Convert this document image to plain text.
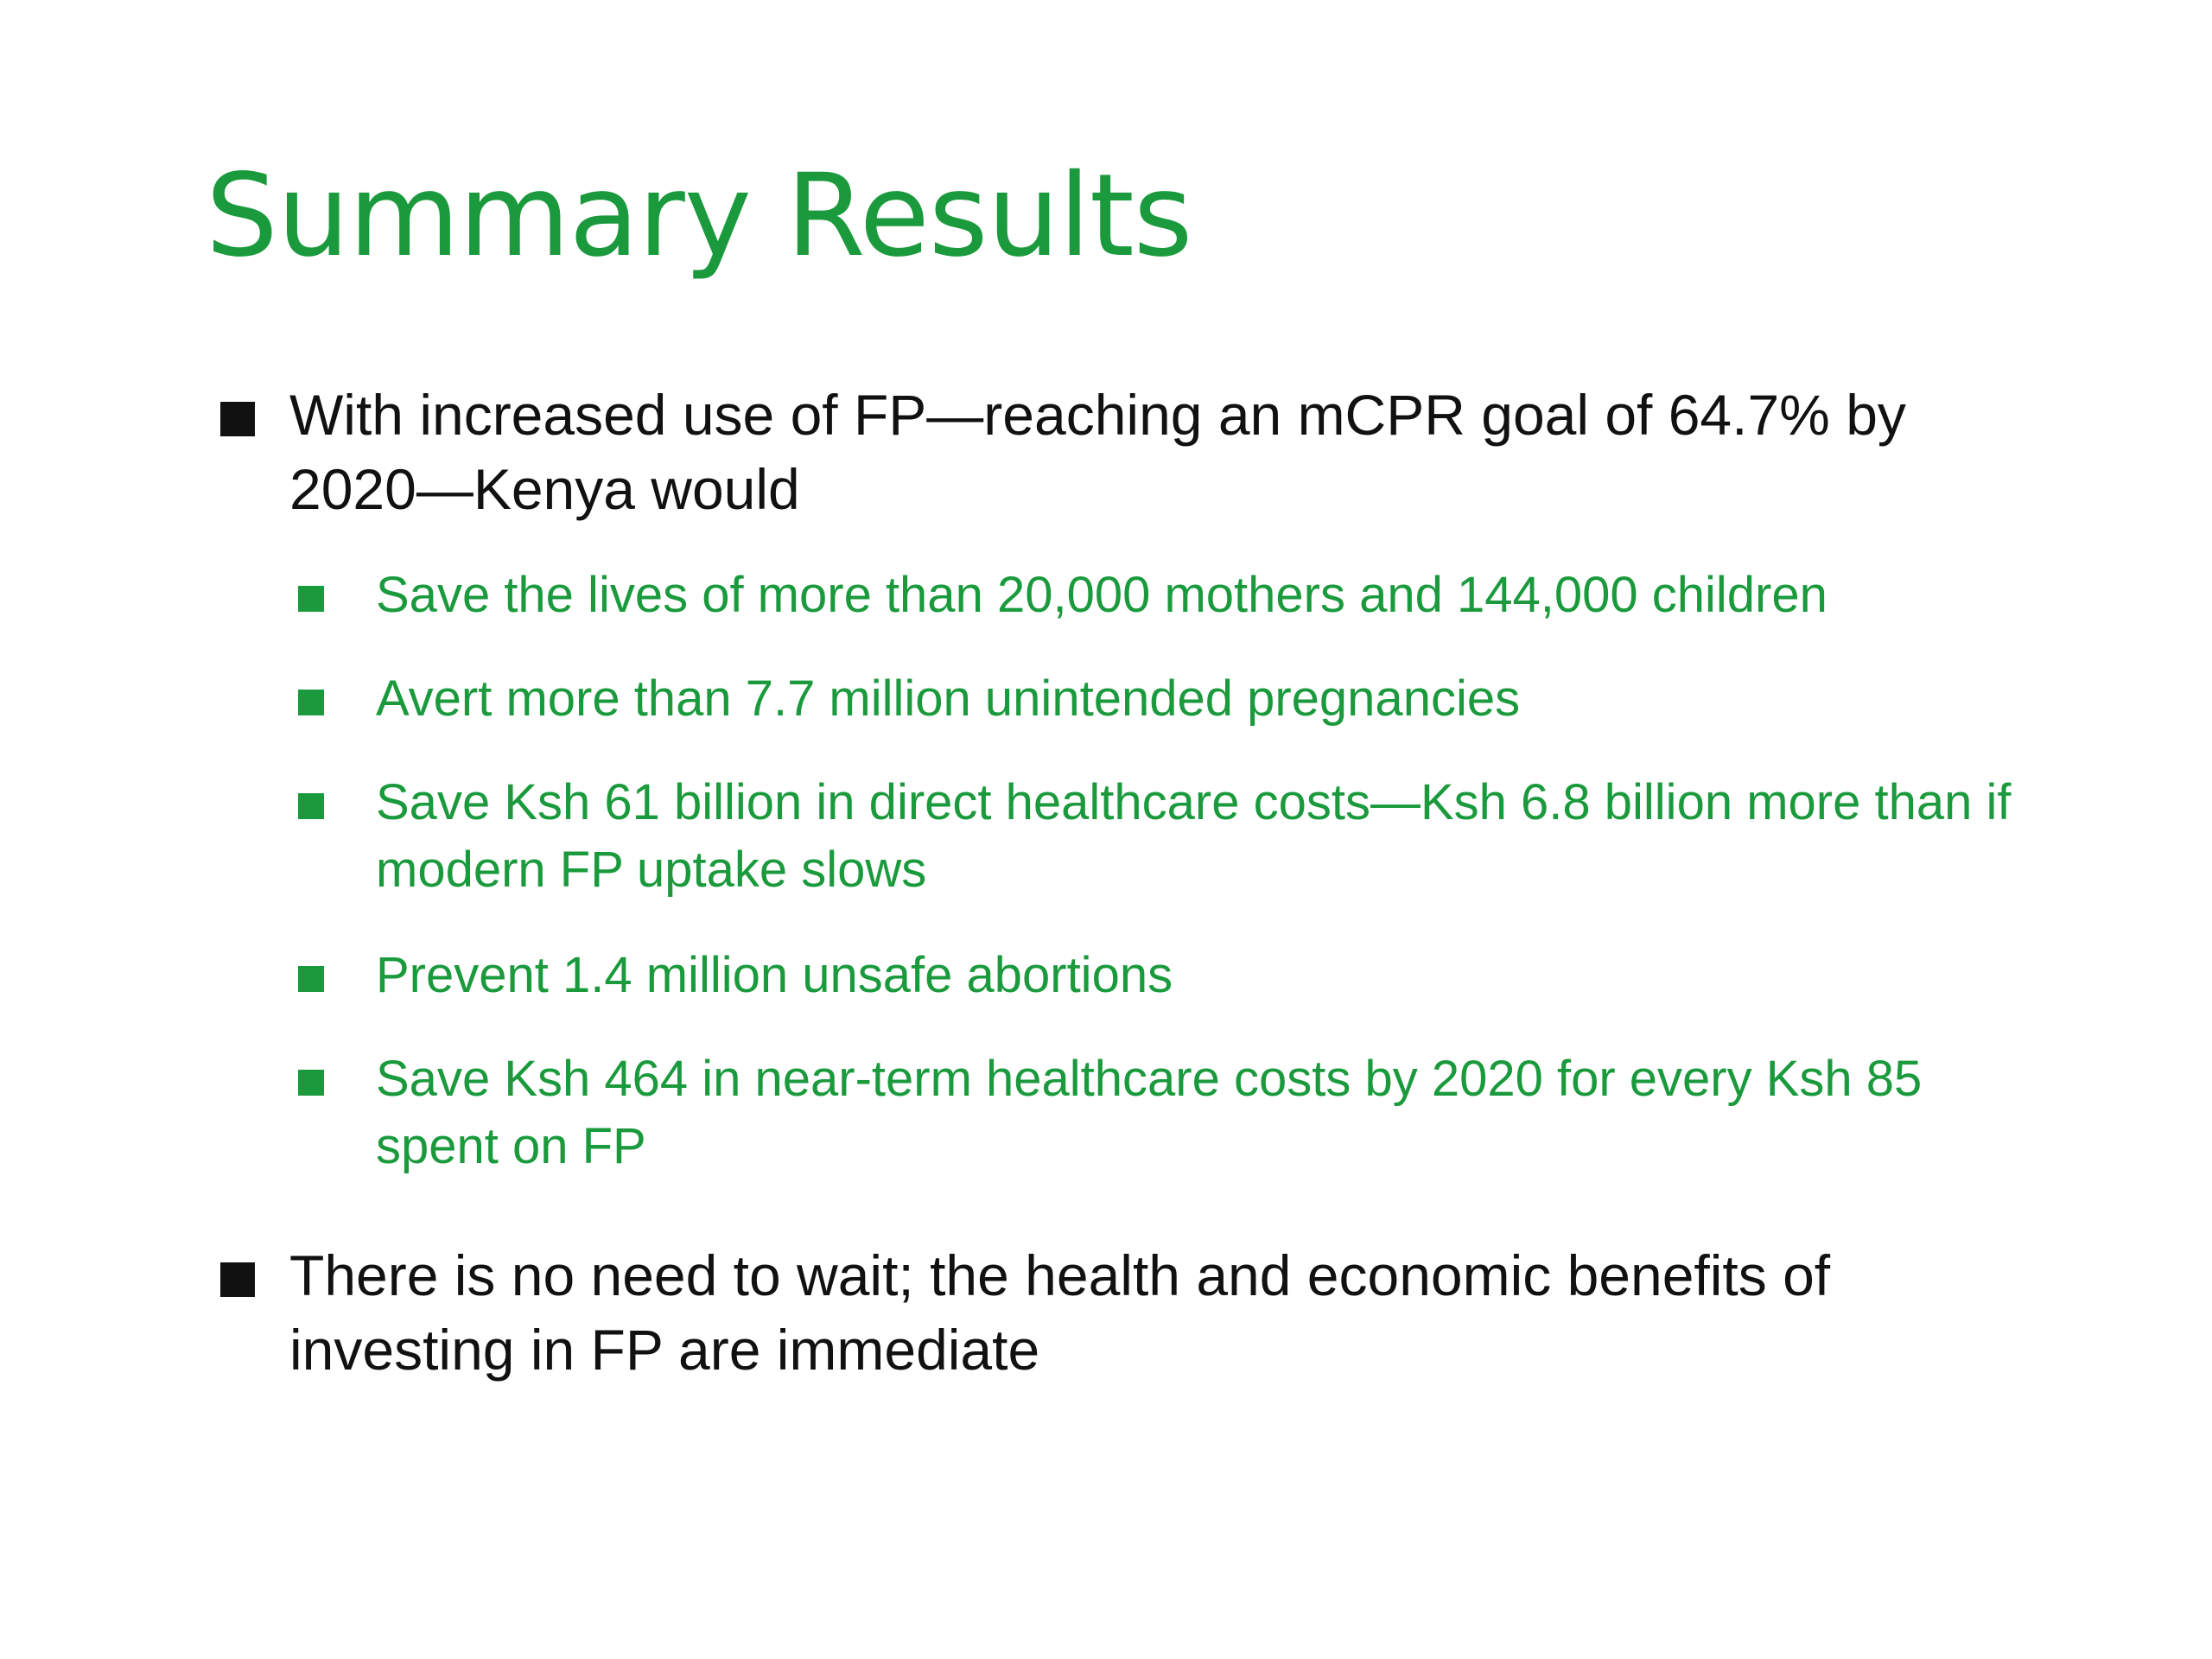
Summary Results
With increased use of FP—reaching an mCPR goal of 64.7% by 2020—Kenya would
Save the lives of more than 20,000 mothers and 144,000 children
Avert more than 7.7 million unintended pregnancies
Save Ksh 61 billion in direct healthcare costs—Ksh 6.8 billion more than if modern FP uptake slows
Prevent 1.4 million unsafe abortions
Save Ksh 464 in near-term healthcare costs by 2020 for every Ksh 85 spent on FP
There is no need to wait; the health and economic benefits of investing in FP are immediate
